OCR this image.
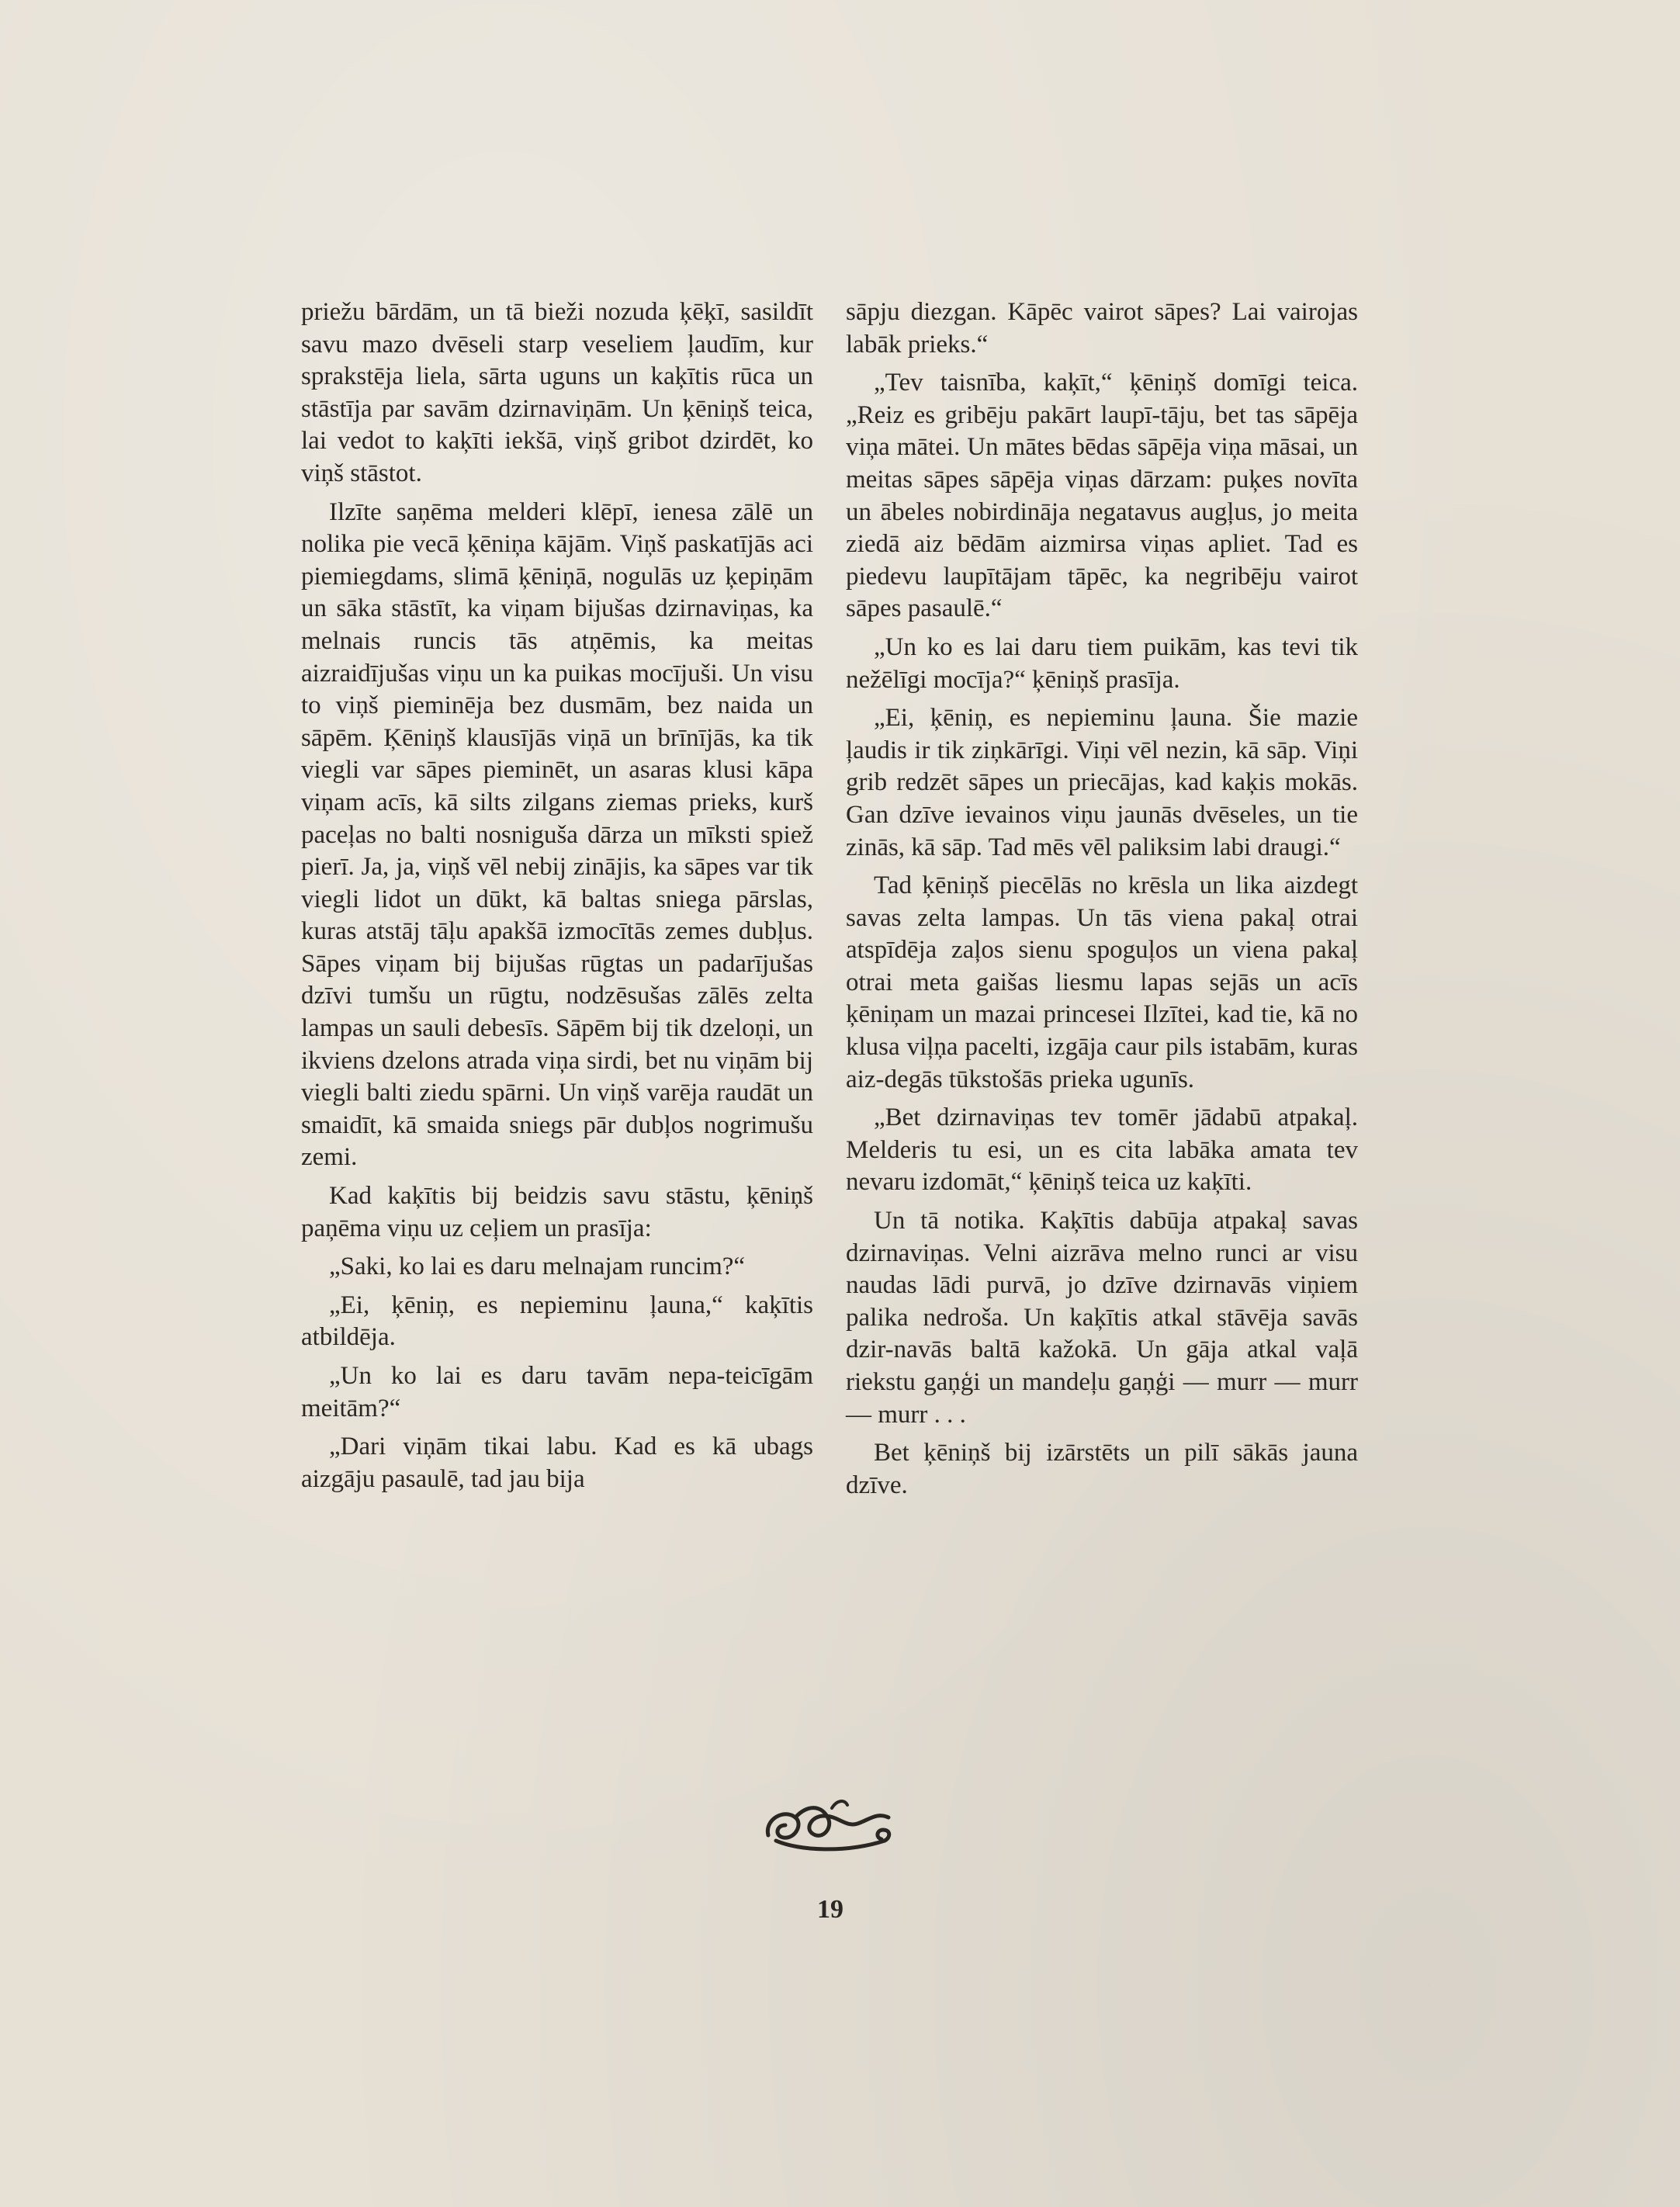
priežu bārdām, un tā bieži nozuda ķēķī, sasildīt savu mazo dvēseli starp veseliem ļaudīm, kur sprakstēja liela, sārta uguns un kaķītis rūca un stāstīja par savām dzirnaviņām. Un ķēniņš teica, lai vedot to kaķīti iekšā, viņš gribot dzirdēt, ko viņš stāstot.

Ilzīte saņēma melderi klēpī, ienesa zālē un nolika pie vecā ķēniņa kājām. Viņš paskatījās aci piemiegdams, slimā ķēniņā, nogulās uz ķepiņām un sāka stāstīt, ka viņam bijušas dzirnaviņas, ka melnais runcis tās atņēmis, ka meitas aizraidījušas viņu un ka puikas mocījuši. Un visu to viņš pieminēja bez dusmām, bez naida un sāpēm. Ķēniņš klausījās viņā un brīnījās, ka tik viegli var sāpes pieminēt, un asaras klusi kāpa viņam acīs, kā silts zilgans ziemas prieks, kurš paceļas no balti nosniguša dārza un mīksti spiež pierī. Ja, ja, viņš vēl nebij zinājis, ka sāpes var tik viegli lidot un dūkt, kā baltas sniega pārslas, kuras atstāj tāļu apakšā izmocītās zemes dubļus. Sāpes viņam bij bijušas rūgtas un padarījušas dzīvi tumšu un rūgtu, nodzēsušas zālēs zelta lampas un sauli debesīs. Sāpēm bij tik dzeloņi, un ikviens dzelons atrada viņa sirdi, bet nu viņām bij viegli balti ziedu spārni. Un viņš varēja raudāt un smaidīt, kā smaida sniegs pār dubļos nogrimušu zemi.

Kad kaķītis bij beidzis savu stāstu, ķēniņš paņēma viņu uz ceļiem un prasīja:

„Saki, ko lai es daru melnajam runcim?“

„Ei, ķēniņ, es nepieminu ļauna,“ kaķītis atbildēja.

„Un ko lai es daru tavām nepa-teicīgām meitām?“

„Dari viņām tikai labu. Kad es kā ubags aizgāju pasaulē, tad jau bija

sāpju diezgan. Kāpēc vairot sāpes? Lai vairojas labāk prieks.“

„Tev taisnība, kaķīt,“ ķēniņš domīgi teica. „Reiz es gribēju pakārt laupī-tāju, bet tas sāpēja viņa mātei. Un mātes bēdas sāpēja viņa māsai, un meitas sāpes sāpēja viņas dārzam: puķes novīta un ābeles nobirdināja negatavus augļus, jo meita ziedā aiz bēdām aizmirsa viņas apliet. Tad es piedevu laupītājam tāpēc, ka negribēju vairot sāpes pasaulē.“

„Un ko es lai daru tiem puikām, kas tevi tik nežēlīgi mocīja?“ ķēniņš prasīja.

„Ei, ķēniņ, es nepieminu ļauna. Šie mazie ļaudis ir tik ziņkārīgi. Viņi vēl nezin, kā sāp. Viņi grib redzēt sāpes un priecājas, kad kaķis mokās. Gan dzīve ievainos viņu jaunās dvēseles, un tie zinās, kā sāp. Tad mēs vēl paliksim labi draugi.“

Tad ķēniņš piecēlās no krēsla un lika aizdegt savas zelta lampas. Un tās viena pakaļ otrai atspīdēja zaļos sienu spoguļos un viena pakaļ otrai meta gaišas liesmu lapas sejās un acīs ķēniņam un mazai princesei Ilzītei, kad tie, kā no klusa viļņa pacelti, izgāja caur pils istabām, kuras aiz-degās tūkstošās prieka ugunīs.

„Bet dzirnaviņas tev tomēr jādabū atpakaļ. Melderis tu esi, un es cita labāka amata tev nevaru izdomāt,“ ķēniņš teica uz kaķīti.

Un tā notika. Kaķītis dabūja atpakaļ savas dzirnaviņas. Velni aizrāva melno runci ar visu naudas lādi purvā, jo dzīve dzirnavās viņiem palika nedroša. Un kaķītis atkal stāvēja savās dzir-navās baltā kažokā. Un gāja atkal vaļā riekstu gaņģi un mandeļu gaņģi — murr — murr — murr . . .

Bet ķēniņš bij izārstēts un pilī sākās jauna dzīve.

19
